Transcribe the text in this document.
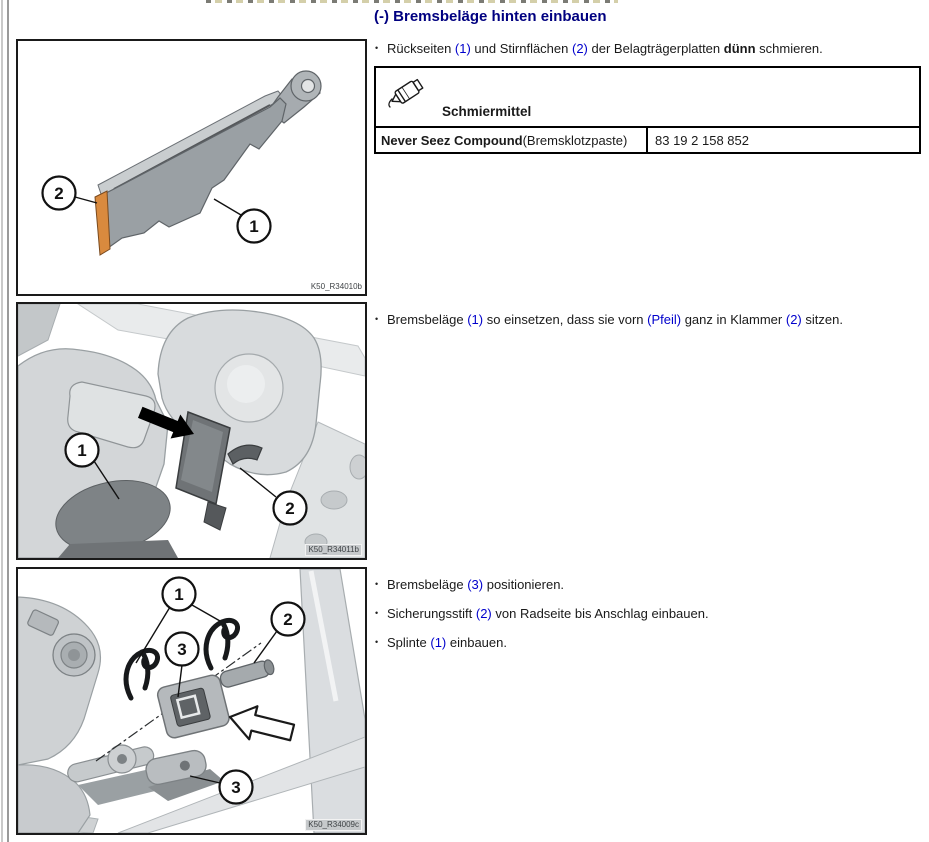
2
1
K50_R34010b
1
2
K50_R34011b
1
3
2
3
K50_R34009c
(-) Bremsbeläge hinten einbauen
• Rückseiten (1) und Stirnflächen (2) der Belagträgerplatten dünn schmieren.
Schmiermittel
Never Seez Compound (Bremsklotzpaste)	83 19 2 158 852
• Bremsbeläge (1) so einsetzen, dass sie vorn (Pfeil) ganz in Klammer (2) sitzen.
• Bremsbeläge (3) positionieren.
• Sicherungsstift (2) von Radseite bis Anschlag einbauen.
• Splinte (1) einbauen.
